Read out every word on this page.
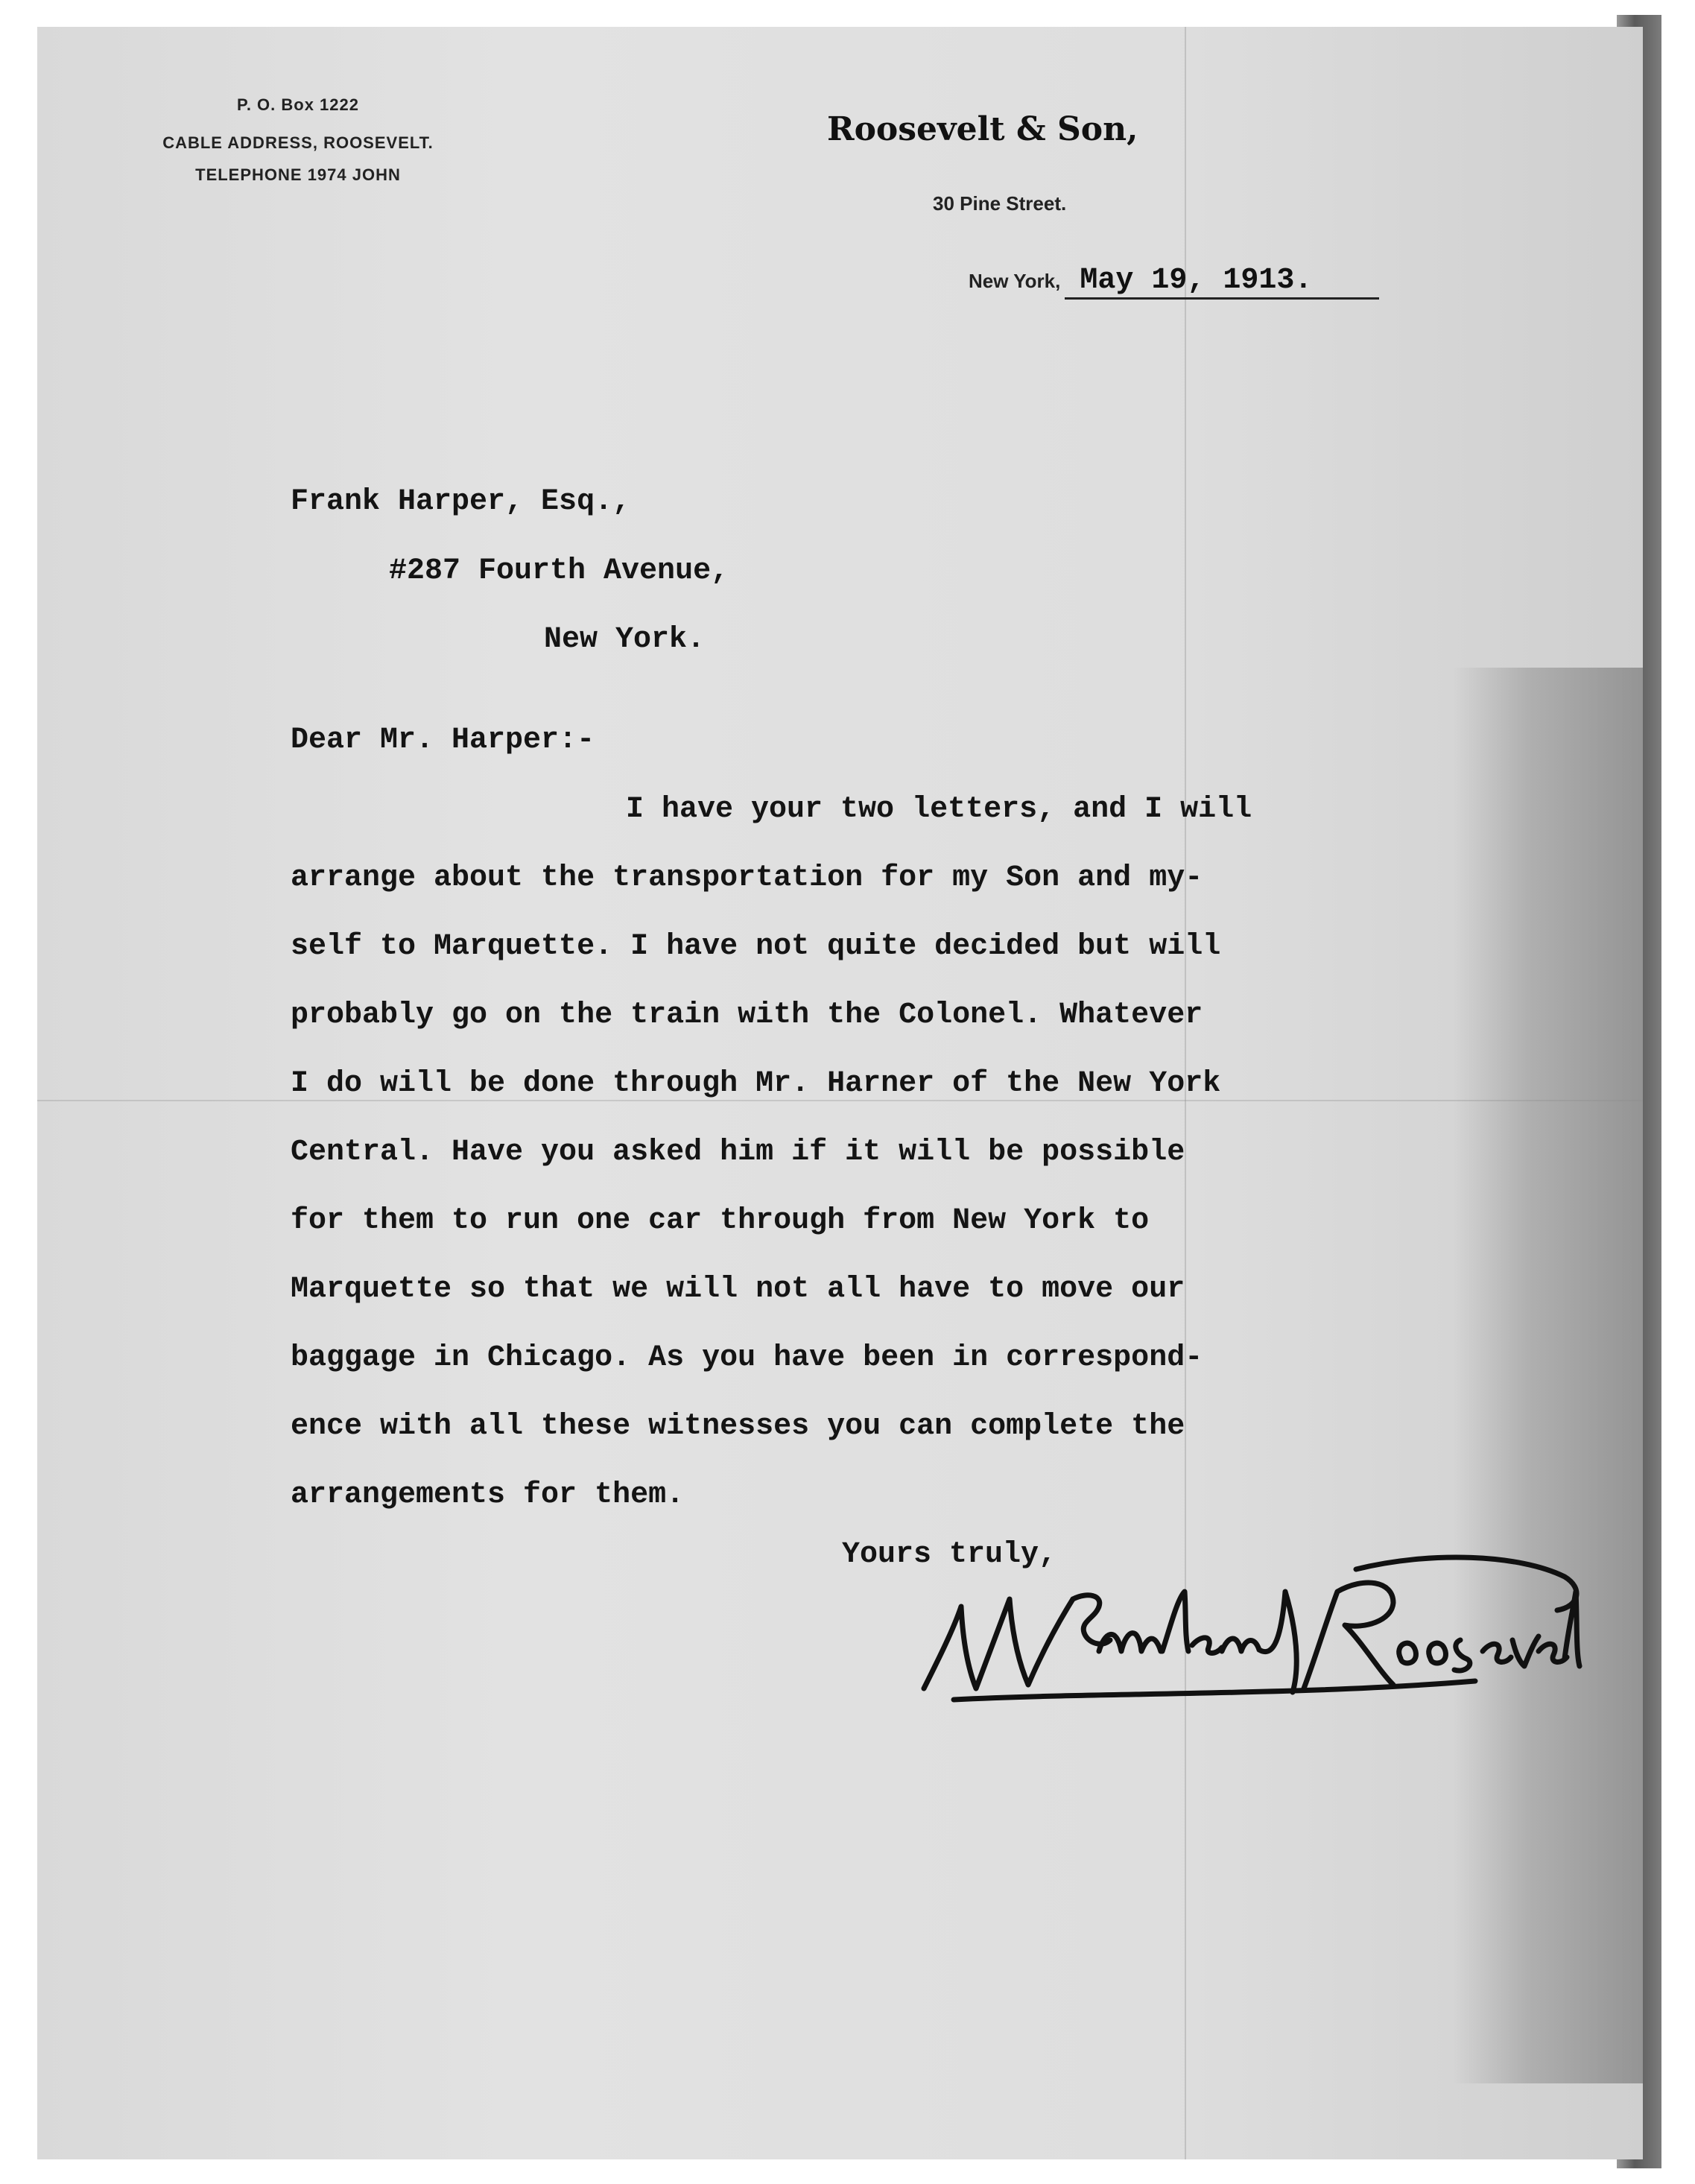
P. O. Box 1222
CABLE ADDRESS, ROOSEVELT.
TELEPHONE 1974 JOHN
Roosevelt & Son,
30 Pine Street.
New York, May 19, 1913.
Frank Harper, Esq.,
#287 Fourth Avenue,
New York.
Dear Mr. Harper:-
I have your two letters, and I will
arrange about the transportation for my Son and my-
self to Marquette. I have not quite decided but will
probably go on the train with the Colonel. Whatever
I do will be done through Mr. Harner of the New York
Central. Have you asked him if it will be possible
for them to run one car through from New York to
Marquette so that we will not all have to move our
baggage in Chicago. As you have been in correspond-
ence with all these witnesses you can complete the
arrangements for them.
Yours truly,
